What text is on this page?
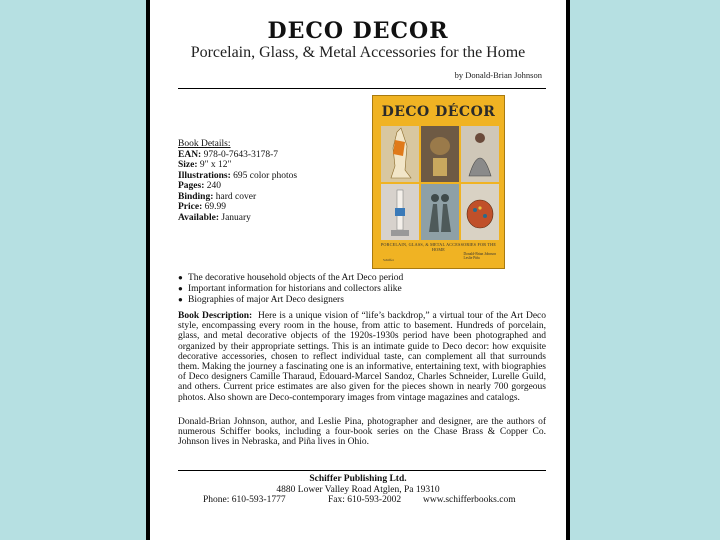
DECO DECOR
Porcelain, Glass, & Metal Accessories for the Home
by Donald-Brian Johnson
Book Details:
EAN: 978-0-7643-3178-7
Size: 9" x 12"
Illustrations: 695 color photos
Pages: 240
Binding: hard cover
Price: 69.99
Available: January
DECO DÉCOR
PORCELAIN, GLASS, & METAL ACCESSORIES FOR THE HOME
Donald-Brian Johnson
Leslie Piña
Schiffer
● The decorative household objects of the Art Deco period
● Important information for historians and collectors alike
● Biographies of major Art Deco designers

Book Description: Here is a unique vision of “life’s backdrop,” a virtual tour of the Art Deco style, encompassing every room in the house, from attic to basement. Hundreds of porcelain, glass, and metal decorative objects of the 1920s-1930s period have been photographed and organized by their appropriate settings. This is an intimate guide to Deco decor: how exquisite decorative accessories, chosen to reflect individual taste, can complement all that surrounds them. Making the journey a fascinating one is an informative, entertaining text, with biographies of Deco designers Camille Tharaud, Edouard-Marcel Sandoz, Charles Schneider, Lurelle Guild, and others. Current price estimates are also given for the pieces shown in nearly 700 gorgeous photos. Also shown are Deco-contemporary images from vintage magazines and catalogs.

Donald-Brian Johnson, author, and Leslie Pina, photographer and designer, are the authors of numerous Schiffer books, including a four-book series on the Chase Brass & Copper Co. Johnson lives in Nebraska, and Piña lives in Ohio.

Schiffer Publishing Ltd.
4880 Lower Valley Road Atglen, Pa 19310
Phone: 610-593-1777	Fax: 610-593-2002 www.schifferbooks.com
